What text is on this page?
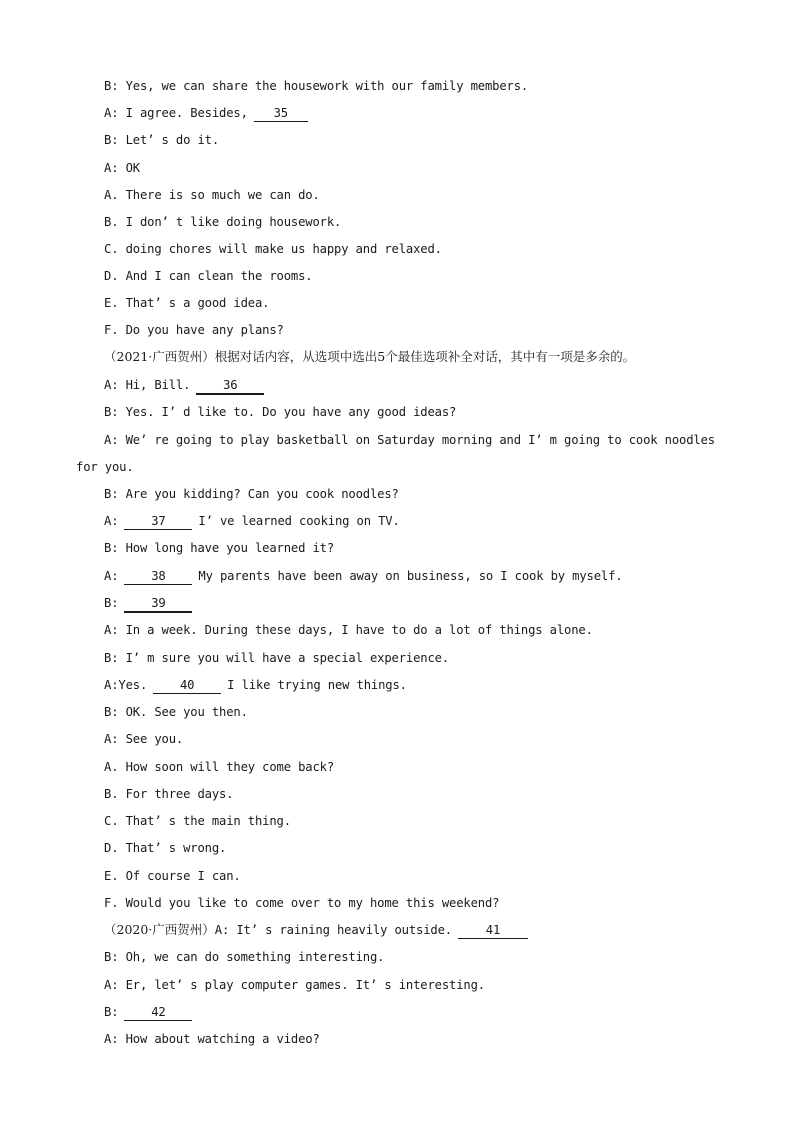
B: Yes, we can share the housework with our family members.
A: I agree. Besides, 35
B: Let’ s do it.
A: OK
A. There is so much we can do.
B. I don’ t like doing housework.
C. doing chores will make us happy and relaxed.
D. And I can clean the rooms.
E. That’ s a good idea.
F. Do you have any plans?
（2021·广西贺州）根据对话内容，从选项中选出5个最佳选项补全对话，其中有一项是多余的。
A: Hi, Bill.	36
B: Yes. I’ d like to. Do you have any good ideas?
A: We’ re going to play basketball on Saturday morning and I’ m going to cook noodles
for you.
B: Are you kidding? Can you cook noodles?
A:	37	I’ ve learned cooking on TV.
B: How long have you learned it?
A:	38	My parents have been away on business, so I cook by myself.
B:	39
A: In a week. During these days, I have to do a lot of things alone.
B: I’ m sure you will have a special experience.
A:Yes.	40	I like trying new things.
B: OK. See you then.
A: See you.
A. How soon will they come back?
B. For three days.
C. That’ s the main thing.
D. That’ s wrong.
E. Of course I can.
F. Would you like to come over to my home this weekend?
（2020·广西贺州）A: It’ s raining heavily outside.	41
B: Oh, we can do something interesting.
A: Er, let’ s play computer games. It’ s interesting.
B:	42
A: How about watching a video?
